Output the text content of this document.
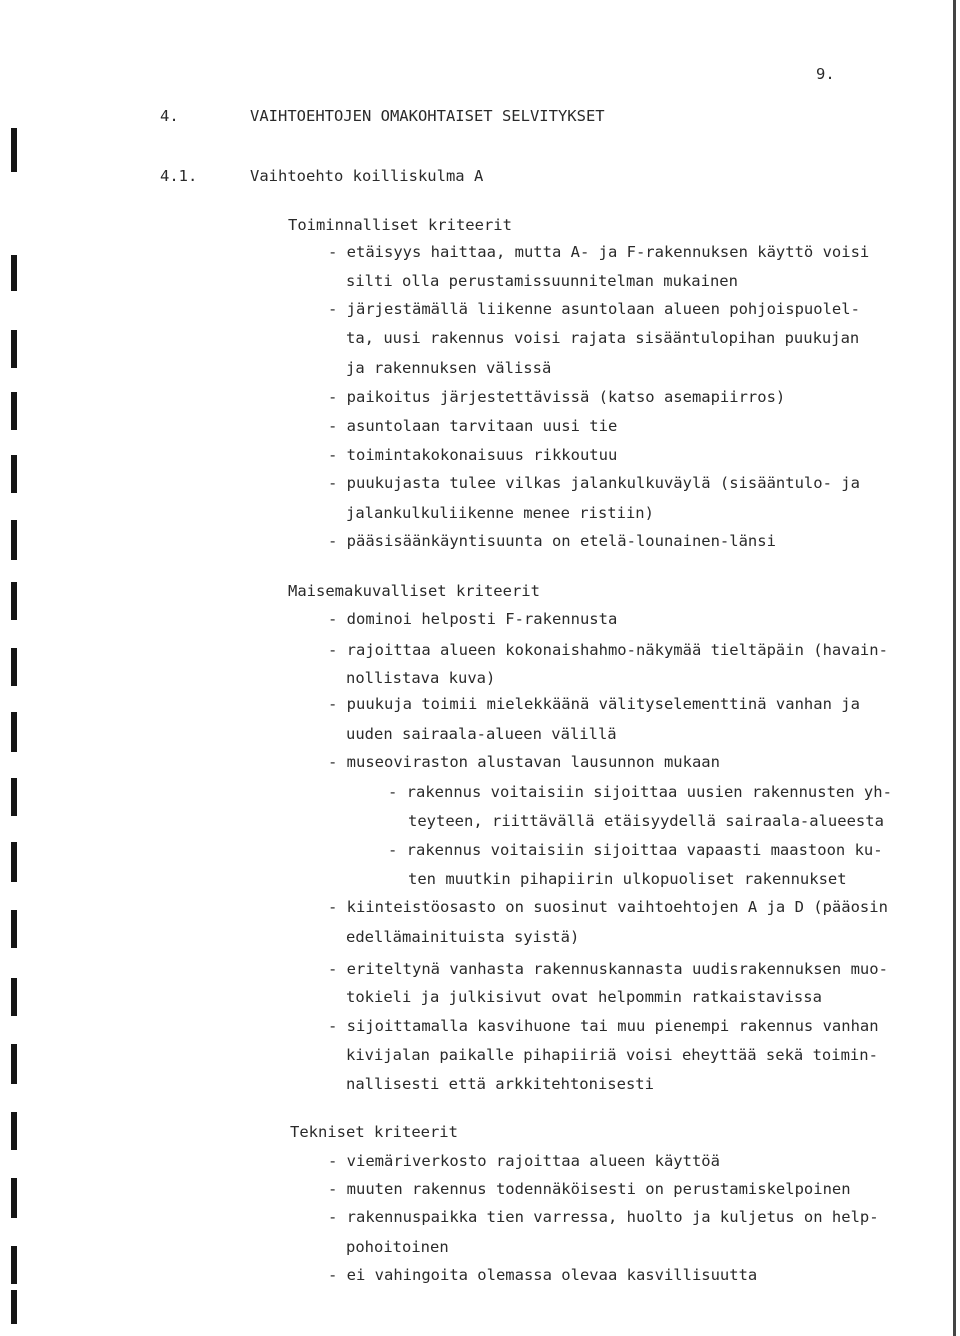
9.
4.	VAIHTOEHTOJEN OMAKOHTAISET SELVITYKSET
4.1.	Vaihtoehto koilliskulma A
Toiminnalliset kriteerit
- etäisyys haittaa, mutta A- ja F-rakennuksen käyttö voisi
silti olla perustamissuunnitelman mukainen
- järjestämällä liikenne asuntolaan alueen pohjoispuolel-
ta, uusi rakennus voisi rajata sisääntulopihan puukujan
ja rakennuksen välissä
- paikoitus järjestettävissä (katso asemapiirros)
- asuntolaan tarvitaan uusi tie
- toimintakokonaisuus rikkoutuu
- puukujasta tulee vilkas jalankulkuväylä (sisääntulo- ja
jalankulkuliikenne menee ristiin)
- pääsisäänkäyntisuunta on etelä-lounainen-länsi
Maisemakuvalliset kriteerit
- dominoi helposti F-rakennusta
- rajoittaa alueen kokonaishahmo-näkymää tieltäpäin (havain-
nollistava kuva)
- puukuja toimii mielekkäänä välityselementtinä vanhan ja
uuden sairaala-alueen välillä
- museoviraston alustavan lausunnon mukaan
- rakennus voitaisiin sijoittaa uusien rakennusten yh-
teyteen, riittävällä etäisyydellä sairaala-alueesta
- rakennus voitaisiin sijoittaa vapaasti maastoon ku-
ten muutkin pihapiirin ulkopuoliset rakennukset
- kiinteistöosasto on suosinut vaihtoehtojen A ja D (pääosin
edellämainituista syistä)
- eriteltynä vanhasta rakennuskannasta uudisrakennuksen muo-
tokieli ja julkisivut ovat helpommin ratkaistavissa
- sijoittamalla kasvihuone tai muu pienempi rakennus vanhan
kivijalan paikalle pihapiiriä voisi eheyttää sekä toimin-
nallisesti että arkkitehtonisesti
Tekniset kriteerit
- viemäriverkosto rajoittaa alueen käyttöä
- muuten rakennus todennäköisesti on perustamiskelpoinen
- rakennuspaikka tien varressa, huolto ja kuljetus on help-
pohoitoinen
- ei vahingoita olemassa olevaa kasvillisuutta
